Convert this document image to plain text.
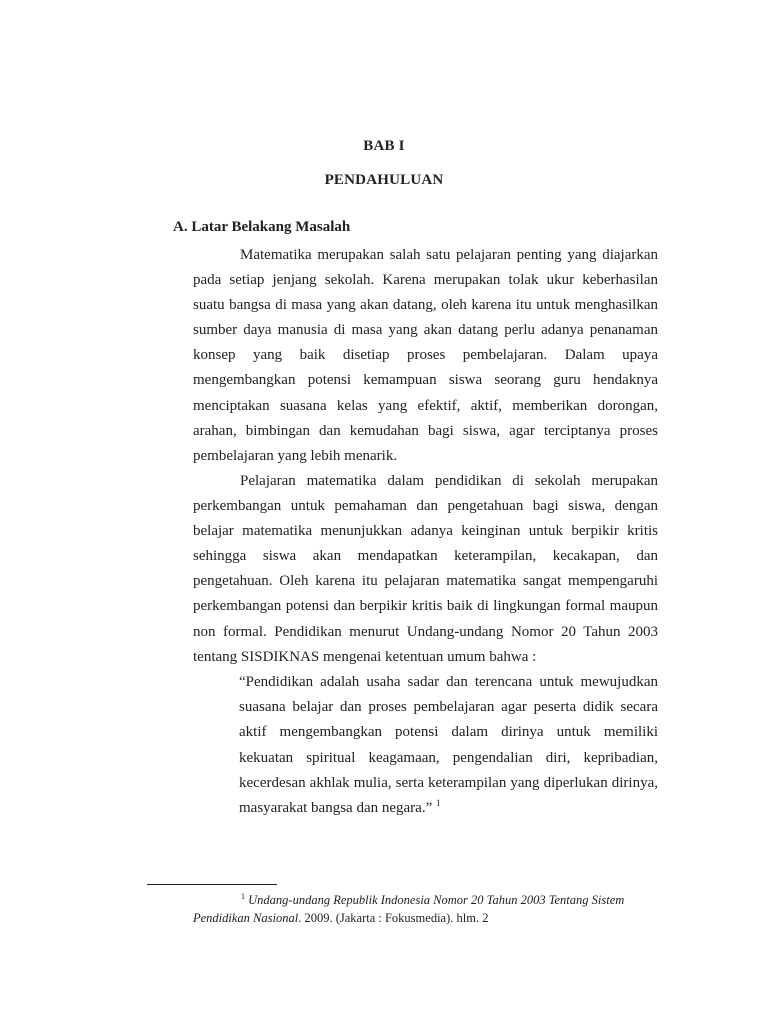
BAB I
PENDAHULUAN
A. Latar Belakang Masalah

Matematika merupakan salah satu pelajaran penting yang diajarkan pada setiap jenjang sekolah. Karena merupakan tolak ukur keberhasilan suatu bangsa di masa yang akan datang, oleh karena itu untuk menghasilkan sumber daya manusia di masa yang akan datang perlu adanya penanaman konsep yang baik disetiap proses pembelajaran. Dalam upaya mengembangkan potensi kemampuan siswa seorang guru hendaknya menciptakan suasana kelas yang efektif, aktif, memberikan dorongan, arahan, bimbingan dan kemudahan bagi siswa, agar terciptanya proses pembelajaran yang lebih menarik.

Pelajaran matematika dalam pendidikan di sekolah merupakan perkembangan untuk pemahaman dan pengetahuan bagi siswa, dengan belajar matematika menunjukkan adanya keinginan untuk berpikir kritis sehingga siswa akan mendapatkan keterampilan, kecakapan, dan pengetahuan. Oleh karena itu pelajaran matematika sangat mempengaruhi perkembangan potensi dan berpikir kritis baik di lingkungan formal maupun non formal. Pendidikan menurut Undang-undang Nomor 20 Tahun 2003 tentang SISDIKNAS mengenai ketentuan umum bahwa :

“Pendidikan adalah usaha sadar dan terencana untuk mewujudkan suasana belajar dan proses pembelajaran agar peserta didik secara aktif mengembangkan potensi dalam dirinya untuk memiliki kekuatan spiritual keagamaan, pengendalian diri, kepribadian, kecerdesan akhlak mulia, serta keterampilan yang diperlukan dirinya, masyarakat bangsa dan negara.” $^1$

$^1$ Undang-undang Republik Indonesia Nomor 20 Tahun 2003 Tentang Sistem Pendidikan Nasional. 2009. (Jakarta : Fokusmedia). hlm. 2
